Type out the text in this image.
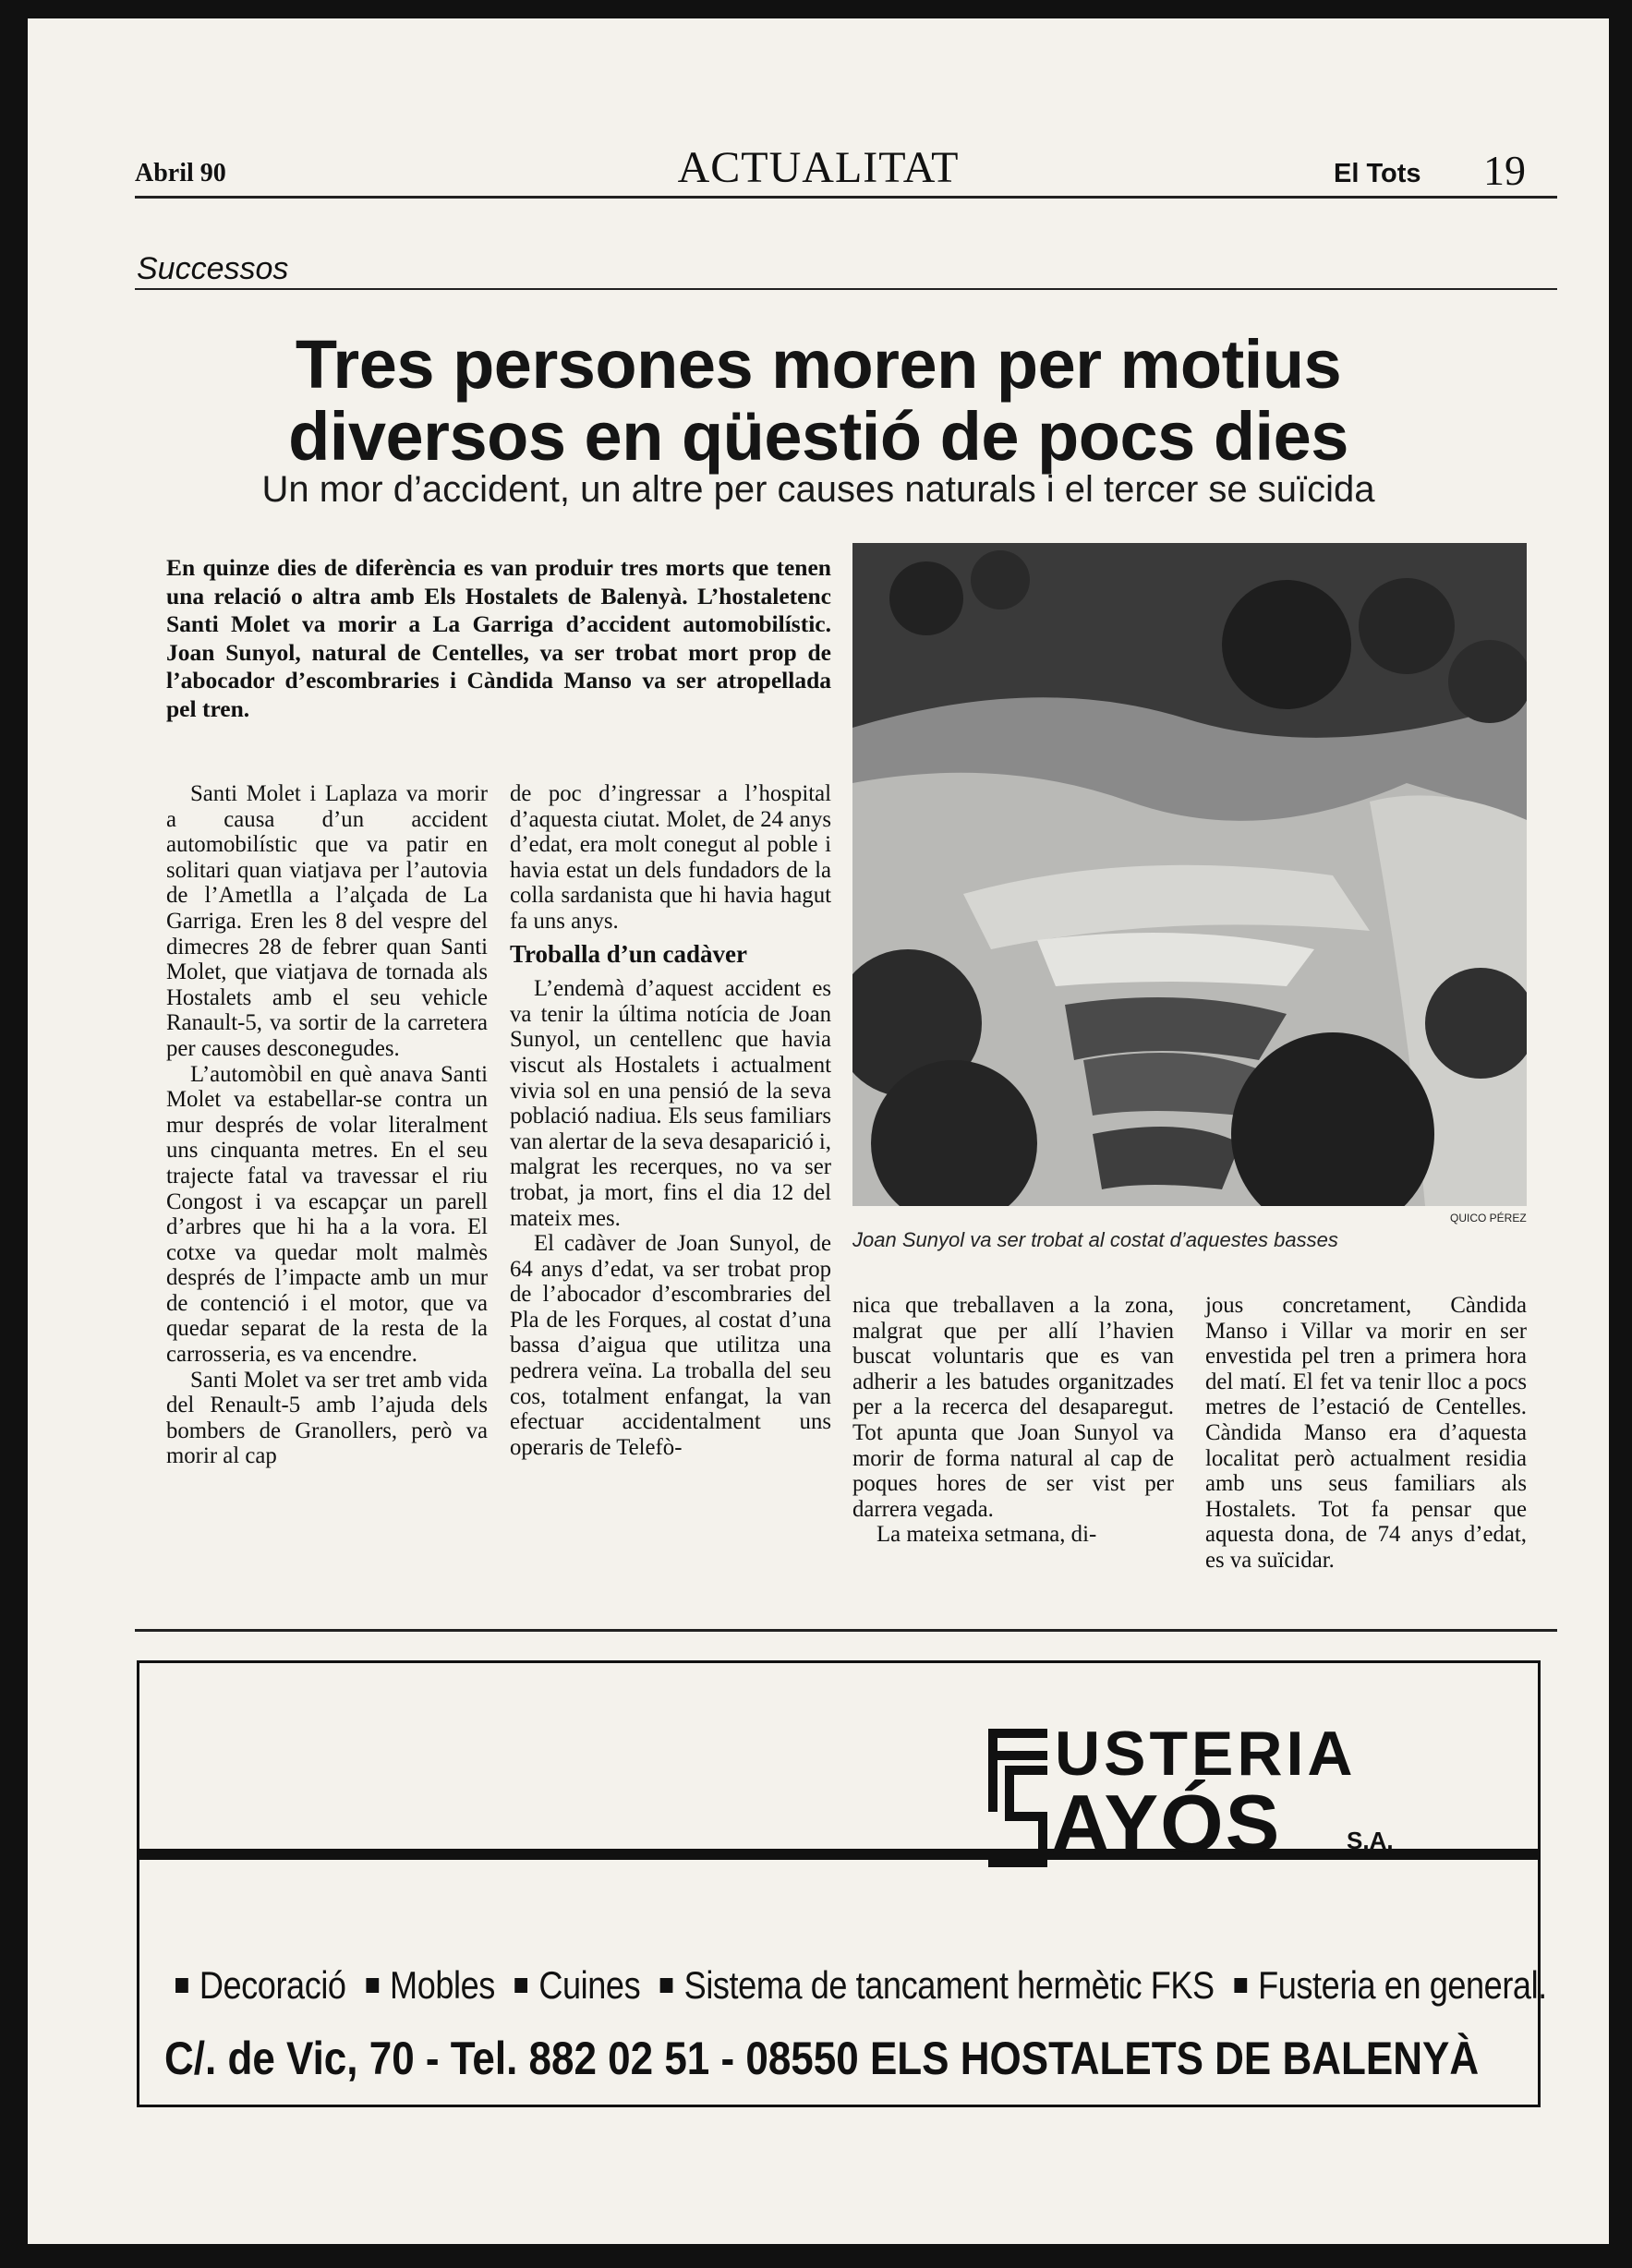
Abril 90	ACTUALITAT	El Tots 19
Successos
Tres persones moren per motius
diversos en qüestió de pocs dies
Un mor d’accident, un altre per causes naturals i el tercer se suïcida
En quinze dies de diferència es van produir tres morts que tenen una relació o altra amb Els Hostalets de Balenyà. L’hostaletenc Santi Molet va morir a La Garriga d’accident automobilístic. Joan Sunyol, natural de Centelles, va ser trobat mort prop de l’abocador d’escombraries i Càndida Manso va ser atropellada pel tren.

Santi Molet i Laplaza va morir a causa d’un accident automobilístic que va patir en solitari quan viatjava per l’autovia de l’Ametlla a l’alçada de La Garriga. Eren les 8 del vespre del dimecres 28 de febrer quan Santi Molet, que viatjava de tornada als Hostalets amb el seu vehicle Ranault-5, va sortir de la carretera per causes desconegudes.

L’automòbil en què anava Santi Molet va estabellar-se contra un mur després de volar literalment uns cinquanta metres. En el seu trajecte fatal va travessar el riu Congost i va escapçar un parell d’arbres que hi ha a la vora. El cotxe va quedar molt malmès després de l’impacte amb un mur de contenció i el motor, que va quedar separat de la resta de la carrosseria, es va encendre.

Santi Molet va ser tret amb vida del Renault-5 amb l’ajuda dels bombers de Granollers, però va morir al cap

de poc d’ingressar a l’hospital d’aquesta ciutat. Molet, de 24 anys d’edat, era molt conegut al poble i havia estat un dels fundadors de la colla sardanista que hi havia hagut fa uns anys.

Troballa d’un cadàver

L’endemà d’aquest accident es va tenir la última notícia de Joan Sunyol, un centellenc que havia viscut als Hostalets i actualment vivia sol en una pensió de la seva població nadiua. Els seus familiars van alertar de la seva desaparició i, malgrat les recerques, no va ser trobat, ja mort, fins el dia 12 del mateix mes.

El cadàver de Joan Sunyol, de 64 anys d’edat, va ser trobat prop de l’abocador d’escombraries del Pla de les Forques, al costat d’una bassa d’aigua que utilitza una pedrera veïna. La troballa del seu cos, totalment enfangat, la van efectuar accidentalment uns operaris de Telefò-

QUICO PÉREZ
Joan Sunyol va ser trobat al costat d’aquestes basses

nica que treballaven a la zona, malgrat que per allí l’havien buscat voluntaris que es van adherir a les batudes organitzades per a la recerca del desaparegut. Tot apunta que Joan Sunyol va morir de forma natural al cap de poques hores de ser vist per darrera vegada.

La mateixa setmana, di-

jous concretament, Càndida Manso i Villar va morir en ser envestida pel tren a primera hora del matí. El fet va tenir lloc a pocs metres de l’estació de Centelles. Càndida Manso era d’aquesta localitat però actualment residia amb uns seus familiars als Hostalets. Tot fa pensar que aquesta dona, de 74 anys d’edat, es va suïcidar.

USTERIA
AYÓS	S.A.
Decoració Mobles Cuines Sistema de tancament hermètic FKS Fusteria en general.
C/. de Vic, 70 - Tel. 882 02 51 - 08550 ELS HOSTALETS DE BALENYÀ
